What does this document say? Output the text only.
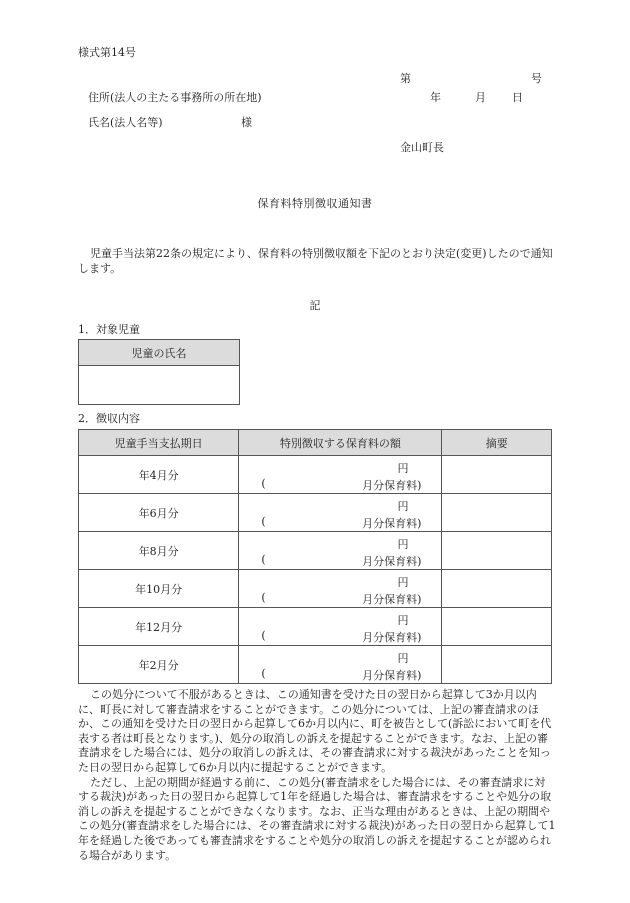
様式第14号
第	号
年	月 日
住所(法人の主たる事務所の所在地)
氏名(法人名等)	様
金山町長
保育料特別徴収通知書
児童手当法第22条の規定により、保育料の特別徴収額を下記のとおり決定(変更)したので通知します。
記
1．対象児童
児童の氏名

2．徴収内容
児童手当支払期日	特別徴収する保育料の額	摘要
年4月分	円
( 月分保育料)	

年6月分	円
( 月分保育料)	

年8月分	円
( 月分保育料)	

年10月分	円
( 月分保育料)	

年12月分	円
( 月分保育料)	

年2月分	円
( 月分保育料)	

この処分について不服があるときは、この通知書を受けた日の翌日から起算して3か月以内に、町長に対して審査請求をすることができます。この処分については、上記の審査請求のほか、この通知を受けた日の翌日から起算して6か月以内に、町を被告として(訴訟において町を代表する者は町長となります。)、処分の取消しの訴えを提起することができます。なお、上記の審査請求をした場合には、処分の取消しの訴えは、その審査請求に対する裁決があったことを知った日の翌日から起算して6か月以内に提起することができます。

ただし、上記の期間が経過する前に、この処分(審査請求をした場合には、その審査請求に対する裁決)があった日の翌日から起算して1年を経過した場合は、審査請求をすることや処分の取消しの訴えを提起することができなくなります。なお、正当な理由があるときは、上記の期間やこの処分(審査請求をした場合には、その審査請求に対する裁決)があった日の翌日から起算して1年を経過した後であっても審査請求をすることや処分の取消しの訴えを提起することが認められる場合があります。
